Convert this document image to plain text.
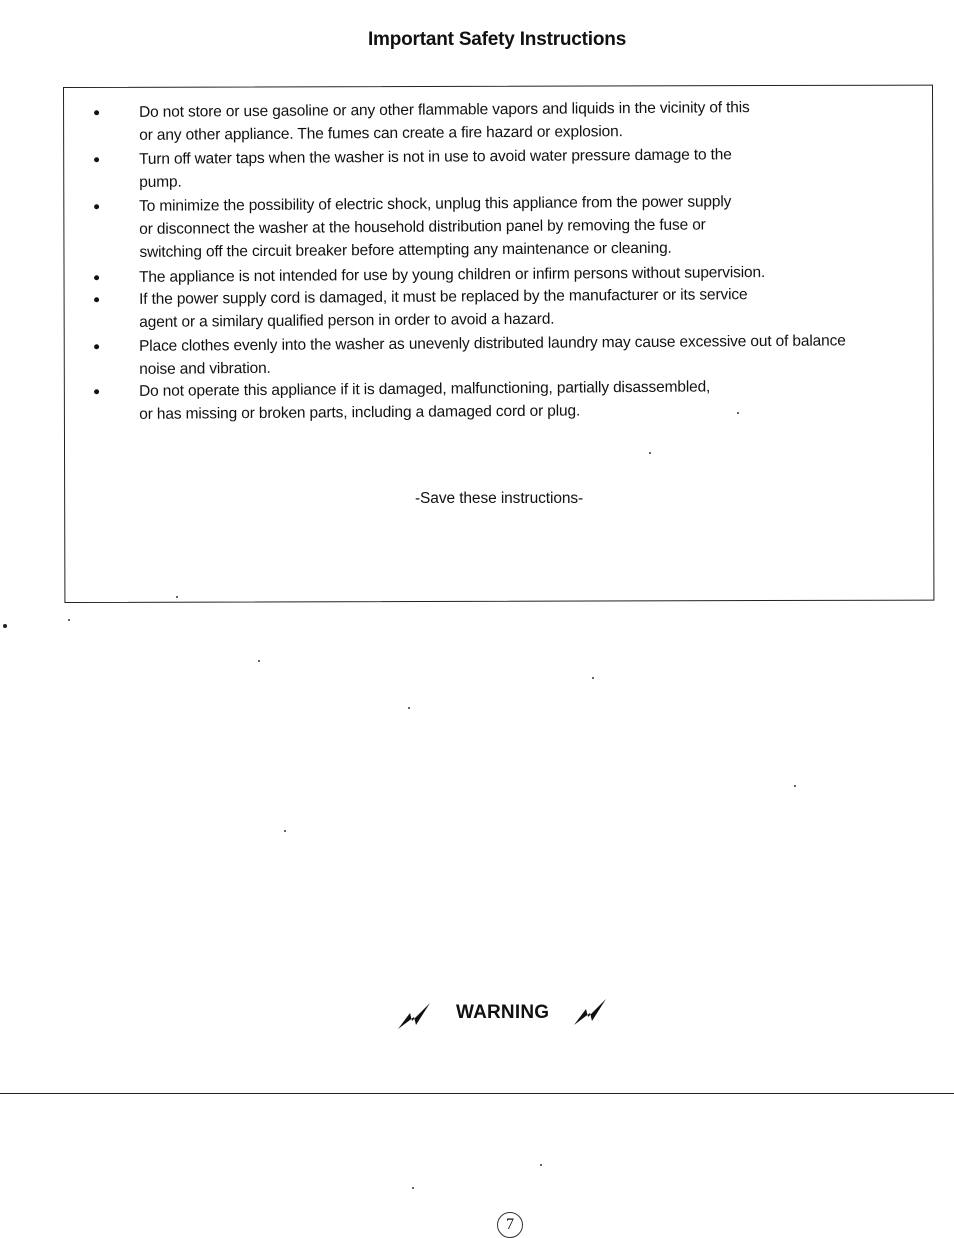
Important Safety Instructions
Do not store or use gasoline or any other flammable vapors and liquids in the vicinity of this
or any other appliance. The fumes can create a fire hazard or explosion.
Turn off water taps when the washer is not in use to avoid water pressure damage to the
pump.
To minimize the possibility of electric shock, unplug this appliance from the power supply
or disconnect the washer at the household distribution panel by removing the fuse or
switching off the circuit breaker before attempting any maintenance or cleaning.
The appliance is not intended for use by young children or infirm persons without supervision.
If the power supply cord is damaged, it must be replaced by the manufacturer or its service
agent or a similary qualified person in order to avoid a hazard.
Place clothes evenly into the washer as unevenly distributed laundry may cause excessive out of balance
noise and vibration.
Do not operate this appliance if it is damaged, malfunctioning, partially disassembled,
or has missing or broken parts, including a damaged cord or plug.
-Save these instructions-
WARNING
7
